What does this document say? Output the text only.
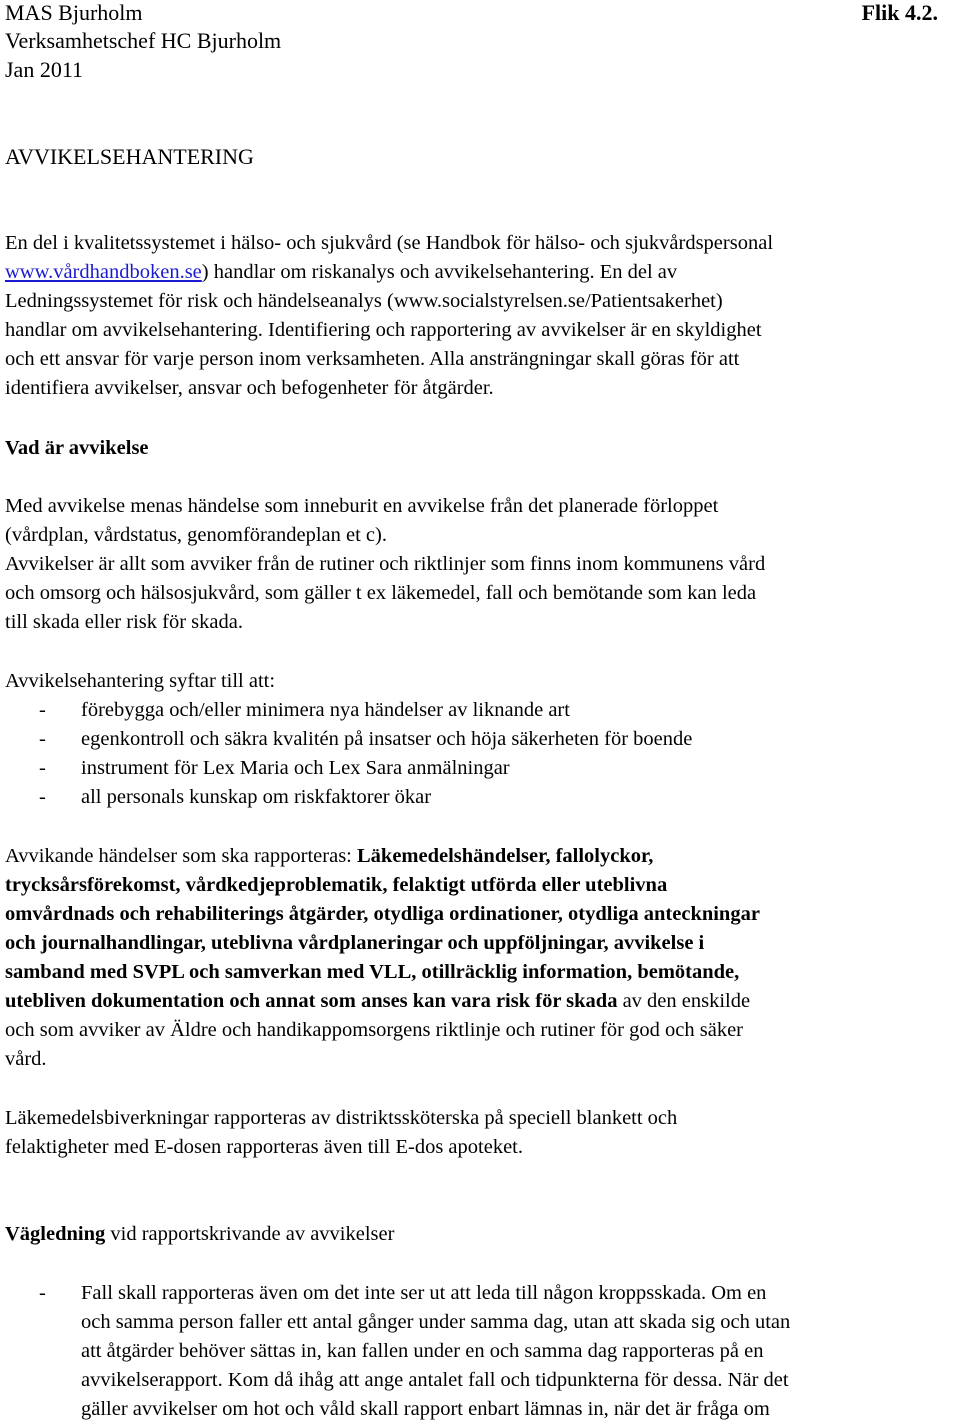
MAS Bjurholm	Flik 4.2.
Verksamhetschef HC Bjurholm
Jan 2011
AVVIKELSEHANTERING
En del i kvalitetssystemet i hälso- och sjukvård (se Handbok för hälso- och sjukvårdspersonal
www.vårdhandboken.se) handlar om riskanalys och avvikelsehantering. En del av
Ledningssystemet för risk och händelseanalys (www.socialstyrelsen.se/Patientsakerhet)
handlar om avvikelsehantering. Identifiering och rapportering av avvikelser är en skyldighet
och ett ansvar för varje person inom verksamheten. Alla ansträngningar skall göras för att
identifiera avvikelser, ansvar och befogenheter för åtgärder.
Vad är avvikelse
Med avvikelse menas händelse som inneburit en avvikelse från det planerade förloppet
(vårdplan, vårdstatus, genomförandeplan et c).
Avvikelser är allt som avviker från de rutiner och riktlinjer som finns inom kommunens vård
och omsorg och hälsosjukvård, som gäller t ex läkemedel, fall och bemötande som kan leda
till skada eller risk för skada.
Avvikelsehantering syftar till att:
- förebygga och/eller minimera nya händelser av liknande art
- egenkontroll och säkra kvalitén på insatser och höja säkerheten för boende
- instrument för Lex Maria och Lex Sara anmälningar
- all personals kunskap om riskfaktorer ökar
Avvikande händelser som ska rapporteras: Läkemedelshändelser, fallolyckor,
trycksårsförekomst, vårdkedjeproblematik, felaktigt utförda eller uteblivna
omvårdnads och rehabiliterings åtgärder, otydliga ordinationer, otydliga anteckningar
och journalhandlingar, uteblivna vårdplaneringar och uppföljningar, avvikelse i
samband med SVPL och samverkan med VLL, otillräcklig information, bemötande,
utebliven dokumentation och annat som anses kan vara risk för skada av den enskilde
och som avviker av Äldre och handikappomsorgens riktlinje och rutiner för god och säker
vård.
Läkemedelsbiverkningar rapporteras av distriktssköterska på speciell blankett och
felaktigheter med E-dosen rapporteras även till E-dos apoteket.
Vägledning vid rapportskrivande av avvikelser
- Fall skall rapporteras även om det inte ser ut att leda till någon kroppsskada. Om en
och samma person faller ett antal gånger under samma dag, utan att skada sig och utan
att åtgärder behöver sättas in, kan fallen under en och samma dag rapporteras på en
avvikelserapport. Kom då ihåg att ange antalet fall och tidpunkterna för dessa. När det
gäller avvikelser om hot och våld skall rapport enbart lämnas in, när det är fråga om
